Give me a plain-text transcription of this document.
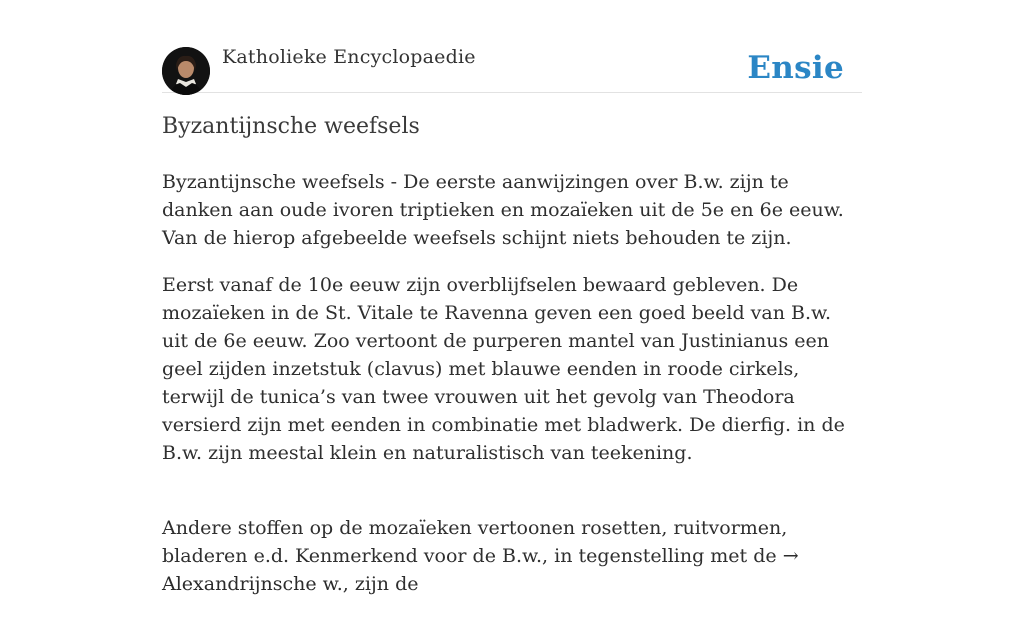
Katholieke Encyclopaedie	Ensie
Byzantijnsche weefsels

Byzantijnsche weefsels - De eerste aanwijzingen over B.w. zijn te danken aan oude ivoren triptieken en mozaïeken uit de 5e en 6e eeuw. Van de hierop afgebeelde weefsels schijnt niets behouden te zijn.

Eerst vanaf de 10e eeuw zijn overblijfselen bewaard gebleven. De mozaïeken in de St. Vitale te Ravenna geven een goed beeld van B.w. uit de 6e eeuw. Zoo vertoont de purperen mantel van Justinianus een geel zijden inzetstuk (clavus) met blauwe eenden in roode cirkels, terwijl de tunica’s van twee vrouwen uit het gevolg van Theodora versierd zijn met eenden in combinatie met bladwerk. De dierfig. in de B.w. zijn meestal klein en naturalistisch van teekening.

Andere stoffen op de mozaïeken vertoonen rosetten, ruitvormen, bladeren e.d. Kenmerkend voor de B.w., in tegenstelling met de → Alexandrijnsche w., zijn de
